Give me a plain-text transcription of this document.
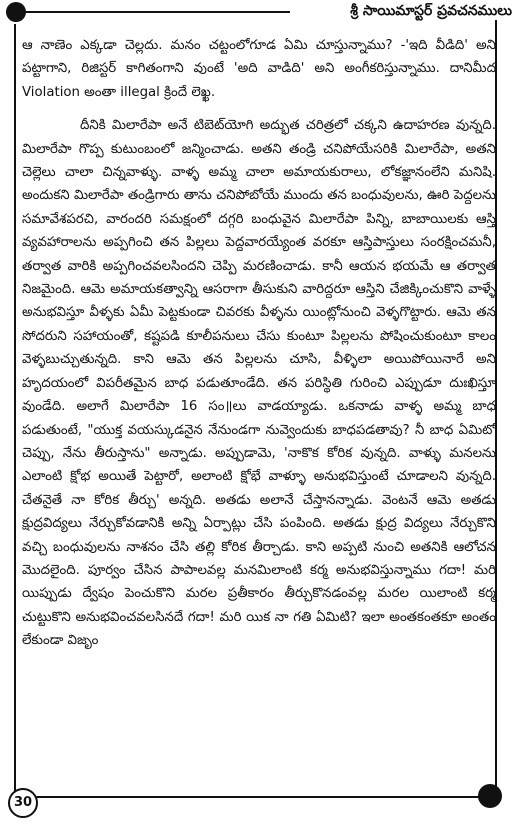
శ్రీ సాయిమాస్టర్ ప్రవచనములు

ఆ నాణెం ఎక్కడా చెల్లదు. మనం చట్టంలోగూడ ఏమి చూస్తున్నాము? -'ఇది వీడిది' అని పట్టాగాని, రిజిస్టర్ కాగితంగాని వుంటే 'అది వాడిది' అని అంగీకరిస్తున్నాము. దానిమీద Violation అంతా illegal క్రిందే లెఖ్ఖ.

దీనికి మిలారేపా అనే టిబెట్‌యోగి అద్భుత చరిత్రలో చక్కని ఉదాహరణ వున్నది. మిలారేపా గొప్ప కుటుంబంలో జన్మించాడు. అతని తండ్రి చనిపోయేసరికి మిలారేపా, అతని చెల్లెలు చాలా చిన్నవాళ్ళు. వాళ్ళ అమ్మ చాలా అమాయకురాలు, లోకజ్ఞానంలేని మనిషి. అందుకని మిలారేపా తండ్రిగారు తాను చనిపోబోయే ముందు తన బంధువులను, ఊరి పెద్దలను సమావేశపరచి, వారందరి సమక్షంలో దగ్గరి బంధువైన మిలారేపా పిన్ని, బాబాయిలకు ఆస్తి వ్యవహారాలను అప్పగించి తన పిల్లలు పెద్దవారయ్యేంత వరకూ ఆస్తిపాస్తులు సంరక్షించమనీ, తర్వాత వారికి అప్పగించవలసిందని చెప్పి మరణించాడు. కానీ ఆయన భయమే ఆ తర్వాత నిజమైంది. ఆమె అమాయకత్వాన్ని ఆసరాగా తీసుకుని వారిద్దరూ ఆస్తిని చేజిక్కించుకొని వాళ్ళే అనుభవిస్తూ వీళ్ళకు ఏమీ పెట్టకుండా చివరకు వీళ్ళను యింట్లోనుంచి వెళ్ళగొట్టారు. ఆమె తన సోదరుని సహాయంతో, కష్టపడి కూలీపనులు చేసు కుంటూ పిల్లలను పోషించుకుంటూ కాలం వెళ్ళబుచ్చుతున్నది. కాని ఆమె తన పిల్లలను చూసి, వీళ్ళిలా అయిపోయినారే అని హృదయంలో విపరీతమైన బాధ పడుతూండేది. తన పరిస్థితి గురించి ఎప్పుడూ దుఃఖిస్తూ వుండేది. అలాగే మిలారేపా 16 సం॥లు వాడయ్యాడు. ఒకనాడు వాళ్ళ అమ్మ బాధ పడుతుంటే, "యుక్త వయస్కుడనైన నేనుండగా నువ్వెందుకు బాధపడతావు? నీ బాధ ఏమిటో చెప్పు, నేను తీరుస్తాను" అన్నాడు. అప్పుడామె, 'నాకొక కోరిక వున్నది. వాళ్ళు మనలను ఎలాంటి క్షోభ అయితే పెట్టారో, అలాంటి క్షోభే వాళ్ళూ అనుభవిస్తుంటే చూడాలని వున్నది. చేతనైతే నా కోరిక తీర్చు' అన్నది. అతడు అలానే చేస్తానన్నాడు. వెంటనే ఆమె అతడు క్షుద్రవిద్యలు నేర్చుకోవడానికి అన్ని ఏర్పాట్లు చేసి పంపింది. అతడు క్షుద్ర విద్యలు నేర్చుకొని వచ్చి బంధువులను నాశనం చేసి తల్లి కోరిక తీర్చాడు. కాని అప్పటి నుంచి అతనికి ఆలోచన మొదలైంది. పూర్వం చేసిన పాపాలవల్ల మనమిలాంటి కర్మ అనుభవిస్తున్నాము గదా! మరి యిప్పుడు ద్వేషం పెంచుకొని మరల ప్రతీకారం తీర్చుకొనడంవల్ల మరల యిలాంటి కర్మ చుట్టుకొని అనుభవించవలసినదే గదా! మరి యిక నా గతి ఏమిటి? ఇలా అంతకంతకూ అంతం లేకుండా విజృం

30
